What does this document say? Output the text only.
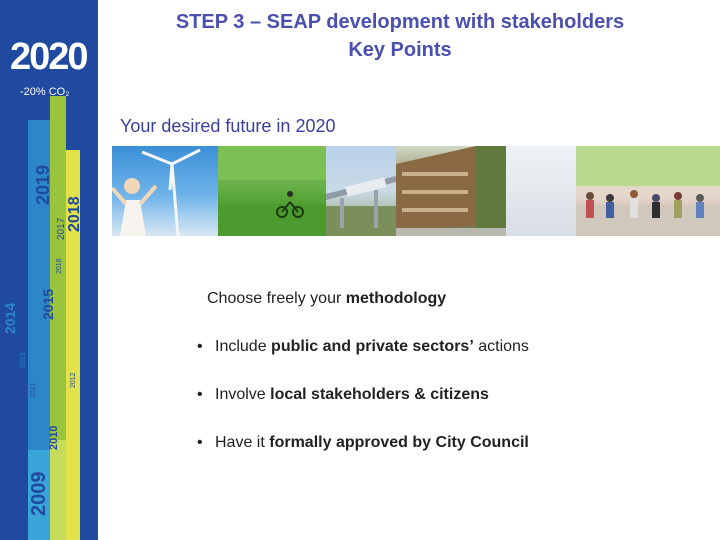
2020
-20% CO₂
2019
2018
2017
2016
2015
2014
2013
2012
2011
2010
2009
STEP 3 – SEAP development with stakeholders
Key Points
Your desired future in 2020
Choose freely your methodology
• Include public and private sectors’ actions
• Involve local stakeholders & citizens
• Have it formally approved by City Council
